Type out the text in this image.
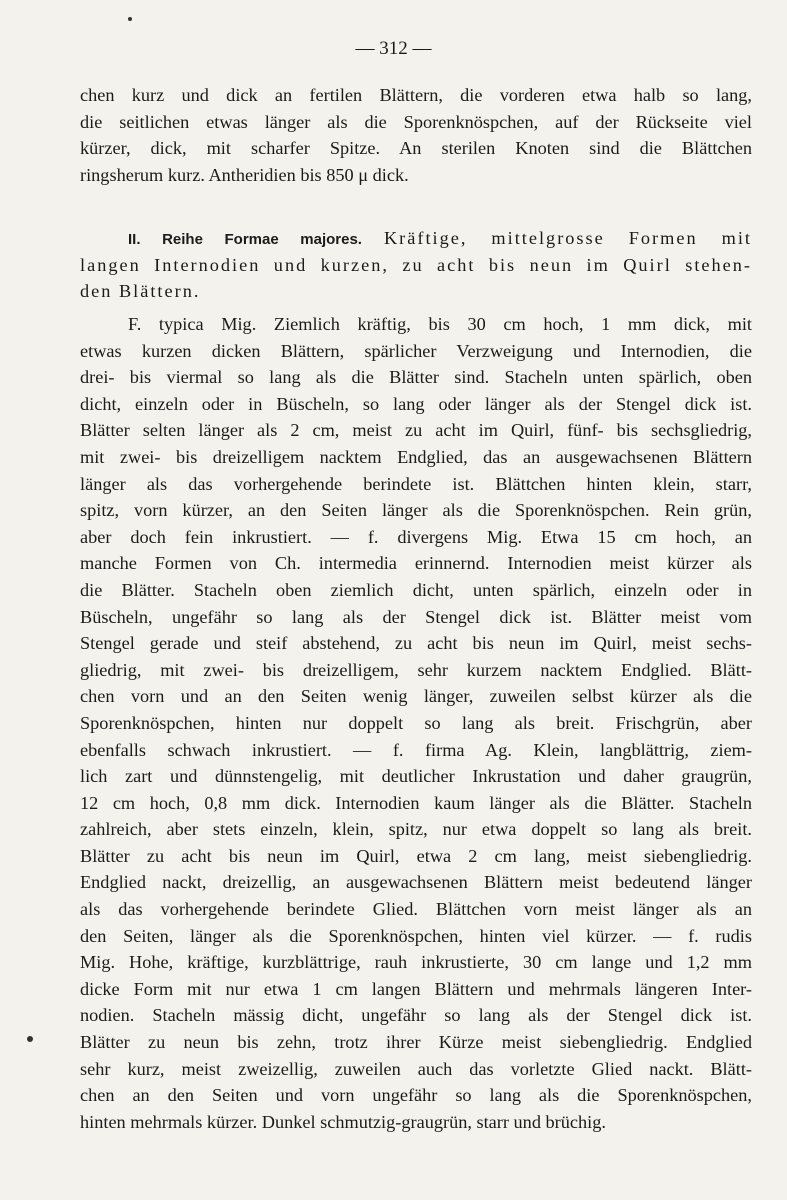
— 312 —
chen kurz und dick an fertilen Blättern, die vorderen etwa halb so lang,
die seitlichen etwas länger als die Sporenknöspchen, auf der Rückseite viel
kürzer, dick, mit scharfer Spitze. An sterilen Knoten sind die Blättchen
ringsherum kurz. Antheridien bis 850 μ dick.
II. Reihe Formae majores. Kräftige, mittelgrosse Formen mit
langen Internodien und kurzen, zu acht bis neun im Quirl stehen-
den Blättern.
F. typica Mig. Ziemlich kräftig, bis 30 cm hoch, 1 mm dick, mit
etwas kurzen dicken Blättern, spärlicher Verzweigung und Internodien, die
drei- bis viermal so lang als die Blätter sind. Stacheln unten spärlich, oben
dicht, einzeln oder in Büscheln, so lang oder länger als der Stengel dick ist.
Blätter selten länger als 2 cm, meist zu acht im Quirl, fünf- bis sechsgliedrig,
mit zwei- bis dreizelligem nacktem Endglied, das an ausgewachsenen Blättern
länger als das vorhergehende berindete ist. Blättchen hinten klein, starr,
spitz, vorn kürzer, an den Seiten länger als die Sporenknöspchen. Rein grün,
aber doch fein inkrustiert. — f. divergens Mig. Etwa 15 cm hoch, an
manche Formen von Ch. intermedia erinnernd. Internodien meist kürzer als
die Blätter. Stacheln oben ziemlich dicht, unten spärlich, einzeln oder in
Büscheln, ungefähr so lang als der Stengel dick ist. Blätter meist vom
Stengel gerade und steif abstehend, zu acht bis neun im Quirl, meist sechs-
gliedrig, mit zwei- bis dreizelligem, sehr kurzem nacktem Endglied. Blätt-
chen vorn und an den Seiten wenig länger, zuweilen selbst kürzer als die
Sporenknöspchen, hinten nur doppelt so lang als breit. Frischgrün, aber
ebenfalls schwach inkrustiert. — f. firma Ag. Klein, langblättrig, ziem-
lich zart und dünnstengelig, mit deutlicher Inkrustation und daher graugrün,
12 cm hoch, 0,8 mm dick. Internodien kaum länger als die Blätter. Stacheln
zahlreich, aber stets einzeln, klein, spitz, nur etwa doppelt so lang als breit.
Blätter zu acht bis neun im Quirl, etwa 2 cm lang, meist siebengliedrig.
Endglied nackt, dreizellig, an ausgewachsenen Blättern meist bedeutend länger
als das vorhergehende berindete Glied. Blättchen vorn meist länger als an
den Seiten, länger als die Sporenknöspchen, hinten viel kürzer. — f. rudis
Mig. Hohe, kräftige, kurzblättrige, rauh inkrustierte, 30 cm lange und 1,2 mm
dicke Form mit nur etwa 1 cm langen Blättern und mehrmals längeren Inter-
nodien. Stacheln mässig dicht, ungefähr so lang als der Stengel dick ist.
Blätter zu neun bis zehn, trotz ihrer Kürze meist siebengliedrig. Endglied
sehr kurz, meist zweizellig, zuweilen auch das vorletzte Glied nackt. Blätt-
chen an den Seiten und vorn ungefähr so lang als die Sporenknöspchen,
hinten mehrmals kürzer. Dunkel schmutzig-graugrün, starr und brüchig.
